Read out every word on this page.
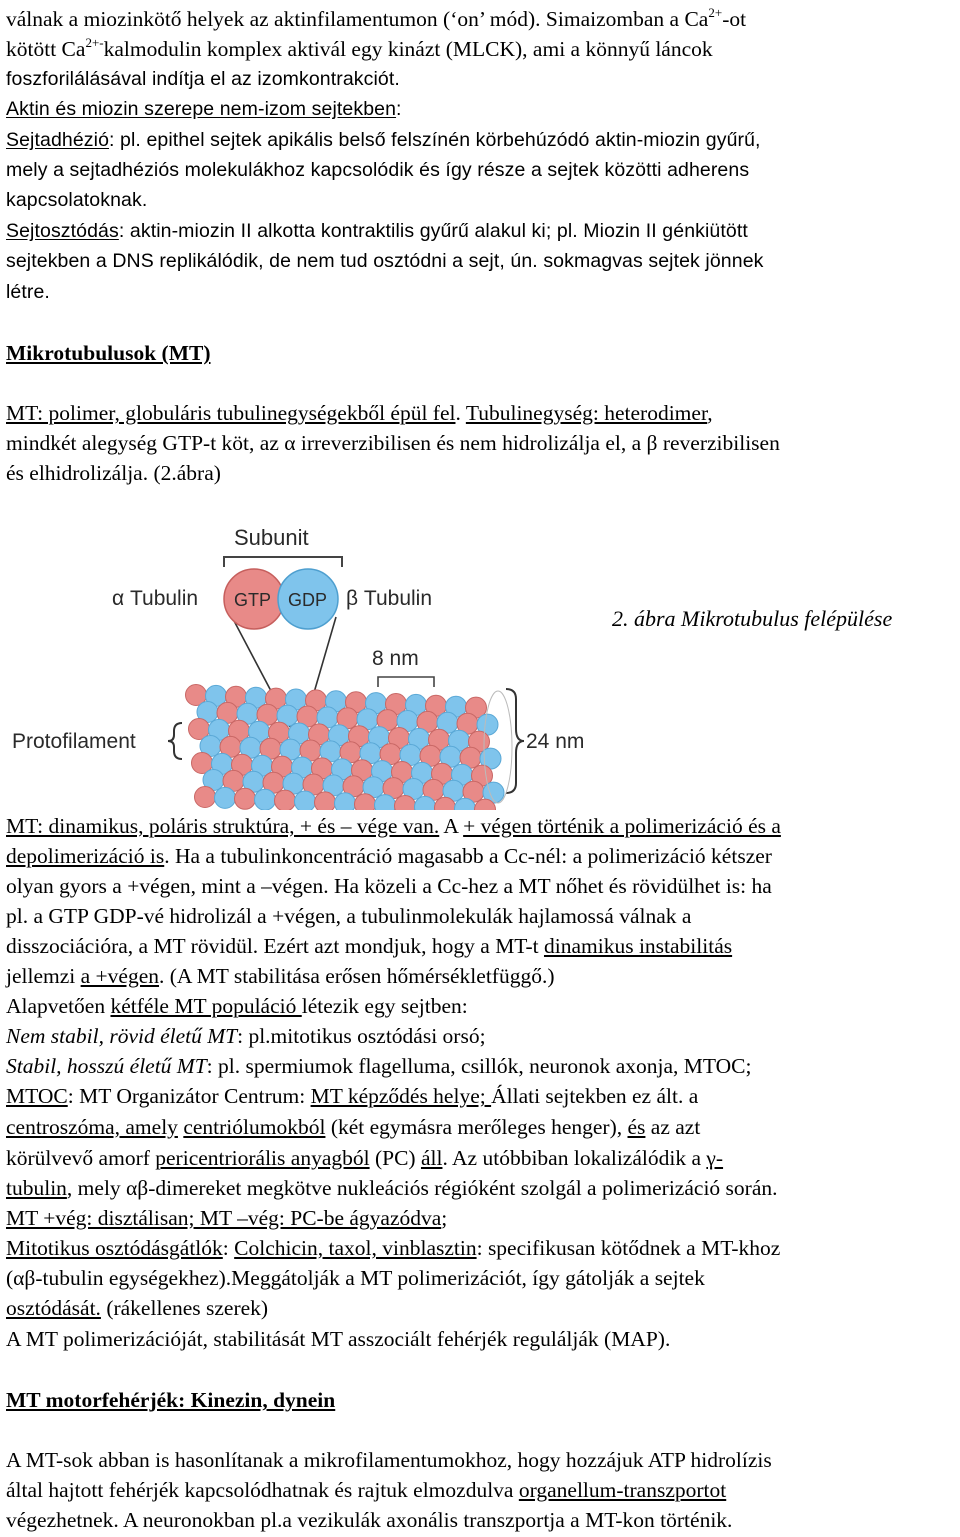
válnak a miozinkötő helyek az aktinfilamentumon (‘on’ mód). Simaizomban a $Ca^{2+}-ot$
kötött $Ca^{2+-}kalmodulin$ komplex aktivál egy kinázt (MLCK), ami a könnyű láncok
foszforilálásával indítja el az izomkontrakciót.
Aktin és miozin szerepe nem-izom sejtekben:
Sejtadhézió: pl. epithel sejtek apikális belső felszínén körbehúzódó aktin-miozin gyűrű,
mely a sejtadhéziós molekulákhoz kapcsolódik és így része a sejtek közötti adherens
kapcsolatoknak.
Sejtosztódás: aktin-miozin II alkotta kontraktilis gyűrű alakul ki; pl. Miozin II génkiütött
sejtekben a DNS replikálódik, de nem tud osztódni a sejt, ún. sokmagvas sejtek jönnek
létre.
Mikrotubulusok (MT)
MT: polimer, globuláris tubulinegységekből épül fel. Tubulinegység: heterodimer,
mindkét alegység GTP-t köt, az α irreverzibilisen és nem hidrolizálja el, a β reverzibilisen
és elhidrolizálja. (2.ábra)
Subunit
α Tubulin	β Tubulin
GTP GDP
8 nm
Protofilament	24 nm
2. ábra Mikrotubulus felépülése
MT: dinamikus, poláris struktúra, + és – vége van. A + végen történik a polimerizáció és a
depolimerizáció is. Ha a tubulinkoncentráció magasabb a Cc-nél: a polimerizáció kétszer
olyan gyors a +végen, mint a –végen. Ha közeli a Cc-hez a MT nőhet és rövidülhet is: ha
pl. a GTP GDP-vé hidrolizál a +végen, a tubulinmolekulák hajlamossá válnak a
disszociációra, a MT rövidül. Ezért azt mondjuk, hogy a MT-t dinamikus instabilitás
jellemzi a +végen. (A MT stabilitása erősen hőmérsékletfüggő.)
Alapvetően kétféle MT populáció létezik egy sejtben:
Nem stabil, rövid életű MT: pl.mitotikus osztódási orsó;
Stabil, hosszú életű MT: pl. spermiumok flagelluma, csillók, neuronok axonja, MTOC;
MTOC: MT Organizátor Centrum: MT képződés helye; Állati sejtekben ez ált. a
centroszóma, amely centriólumokból (két egymásra merőleges henger), és az azt
körülvevő amorf pericentriorális anyagból (PC) áll. Az utóbbiban lokalizálódik a γ-
tubulin, mely αβ-dimereket megkötve nukleációs régióként szolgál a polimerizáció során.
MT +vég: disztálisan; MT –vég: PC-be ágyazódva;
Mitotikus osztódásgátlók: Colchicin, taxol, vinblasztin: specifikusan kötődnek a MT-khoz
(αβ-tubulin egységekhez).Meggátolják a MT polimerizációt, így gátolják a sejtek
osztódását. (rákellenes szerek)
A MT polimerizációját, stabilitását MT asszociált fehérjék regulálják (MAP).
MT motorfehérjék: Kinezin, dynein
A MT-sok abban is hasonlítanak a mikrofilamentumokhoz, hogy hozzájuk ATP hidrolízis
által hajtott fehérjék kapcsolódhatnak és rajtuk elmozdulva organellum-transzportot
végezhetnek. A neuronokban pl.a vezikulák axonális transzportja a MT-kon történik.
